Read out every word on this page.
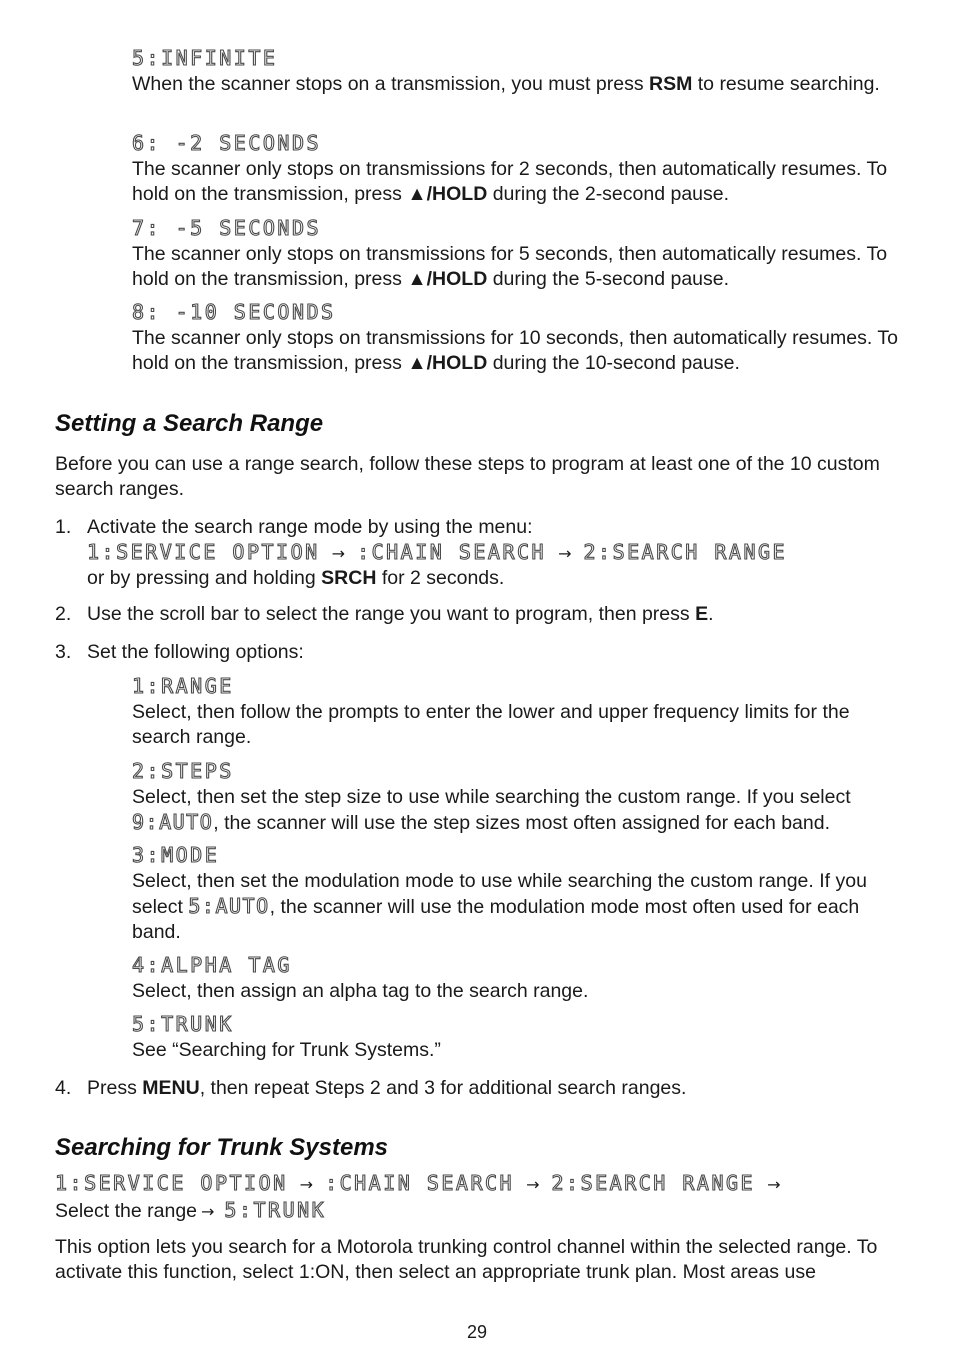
5:INFINITE

When the scanner stops on a transmission, you must press RSM to resume searching.

6: -2 SECONDS

The scanner only stops on transmissions for 2 seconds, then automatically resumes. To hold on the transmission, press ▲/HOLD during the 2-second pause.

7: -5 SECONDS

The scanner only stops on transmissions for 5 seconds, then automatically resumes. To hold on the transmission, press ▲/HOLD during the 5-second pause.

8: -10 SECONDS

The scanner only stops on transmissions for 10 seconds, then automatically resumes. To hold on the transmission, press ▲/HOLD during the 10-second pause.

Setting a Search Range

Before you can use a range search, follow these steps to program at least one of the 10 custom search ranges.

1. Activate the search range mode by using the menu:

1:SERVICE OPTION → :CHAIN SEARCH → 2:SEARCH RANGE

or by pressing and holding SRCH for 2 seconds.

2. Use the scroll bar to select the range you want to program, then press E.

3. Set the following options:

1:RANGE

Select, then follow the prompts to enter the lower and upper frequency limits for the search range.

2:STEPS

Select, then set the step size to use while searching the custom range. If you select 9:AUTO, the scanner will use the step sizes most often assigned for each band.

3:MODE

Select, then set the modulation mode to use while searching the custom range. If you select 5:AUTO, the scanner will use the modulation mode most often used for each band.

4:ALPHA TAG

Select, then assign an alpha tag to the search range.

5:TRUNK

See “Searching for Trunk Systems.”

4. Press MENU, then repeat Steps 2 and 3 for additional search ranges.

Searching for Trunk Systems
1:SERVICE OPTION → :CHAIN SEARCH → 2:SEARCH RANGE →
Select the range → 5:TRUNK

This option lets you search for a Motorola trunking control channel within the selected range. To activate this function, select 1:ON, then select an appropriate trunk plan. Most areas use

29
